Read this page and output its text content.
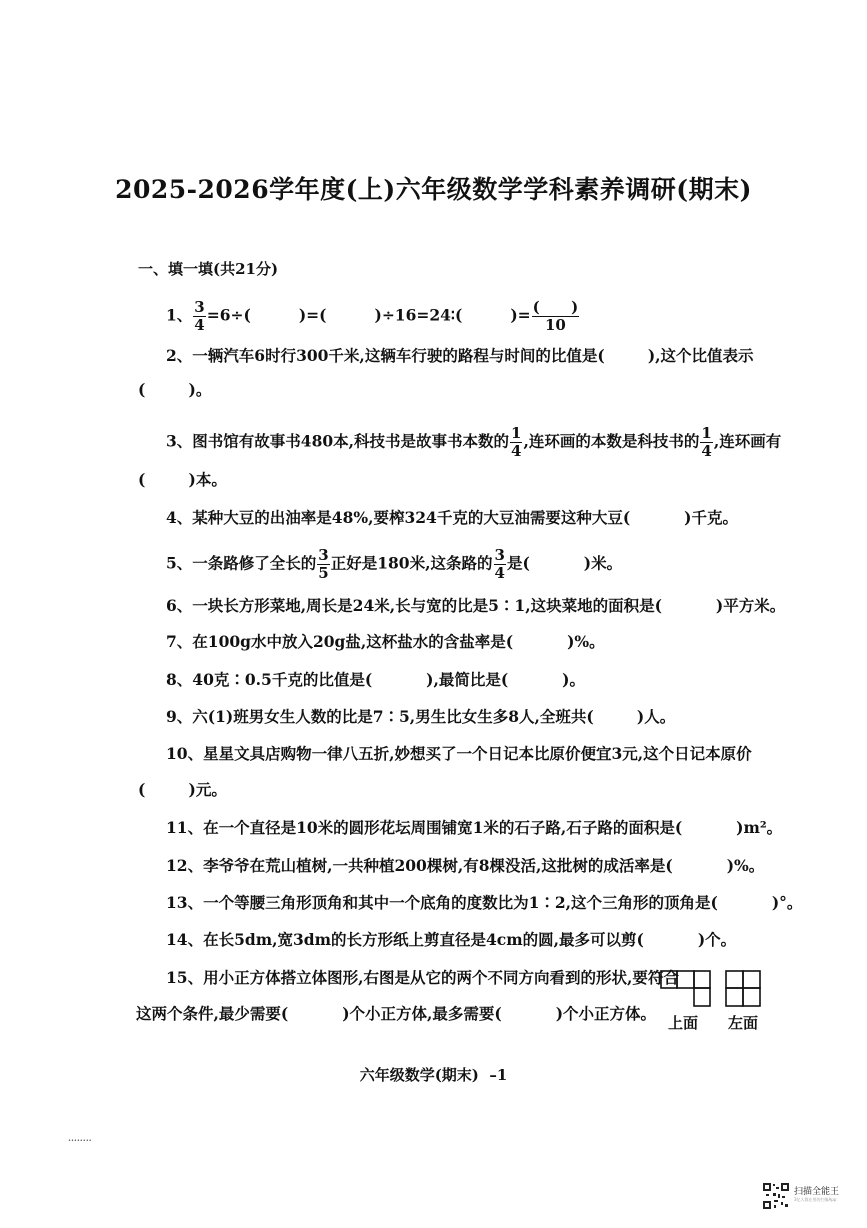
2025-2026学年度(上)六年级数学学科素养调研(期末)
一、填一填(共21分)
1、 $\frac{3}{4} =6\div$(	)=(	)÷16=24∶(	)= $\frac{( )}{10}$
2、一辆汽车6时行300千米,这辆车行驶的路程与时间的比值是(        ),这个比值表示
(        )。
3、图书馆有故事书480本,科技书是故事书本数的 $\frac{1}{4}$ ,连环画的本数是科技书的 $\frac{1}{4}$ ,连环画有
(        )本。
4、某种大豆的出油率是48%,要榨324千克的大豆油需要这种大豆(          )千克。
5、一条路修了全长的 $\frac{3}{5}$ 正好是180米,这条路的 $\frac{3}{4}$ 是(          )米。
6、一块长方形菜地,周长是24米,长与宽的比是5∶1,这块菜地的面积是(          )平方米。
7、在100g水中放入20g盐,这杯盐水的含盐率是(          )%。
8、40克∶0.5千克的比值是(          ),最简比是(          )。
9、六(1)班男女生人数的比是7∶5,男生比女生多8人,全班共(        )人。
10、星星文具店购物一律八五折,妙想买了一个日记本比原价便宜3元,这个日记本原价
(        )元。
11、在一个直径是10米的圆形花坛周围铺宽1米的石子路,石子路的面积是(          )m²。
12、李爷爷在荒山植树,一共种植200棵树,有8棵没活,这批树的成活率是(          )%。
13、一个等腰三角形顶角和其中一个底角的度数比为1∶2,这个三角形的顶角是(          )°。
14、在长5dm,宽3dm的长方形纸上剪直径是4cm的圆,最多可以剪(          )个。
15、用小正方体搭立体图形,右图是从它的两个不同方向看到的形状,要符合
这两个条件,最少需要(          )个小正方体,最多需要(          )个小正方体。 上面 左面
六年级数学(期末)  –1
••••••••
扫描全能王
3亿人都在用的扫描App
